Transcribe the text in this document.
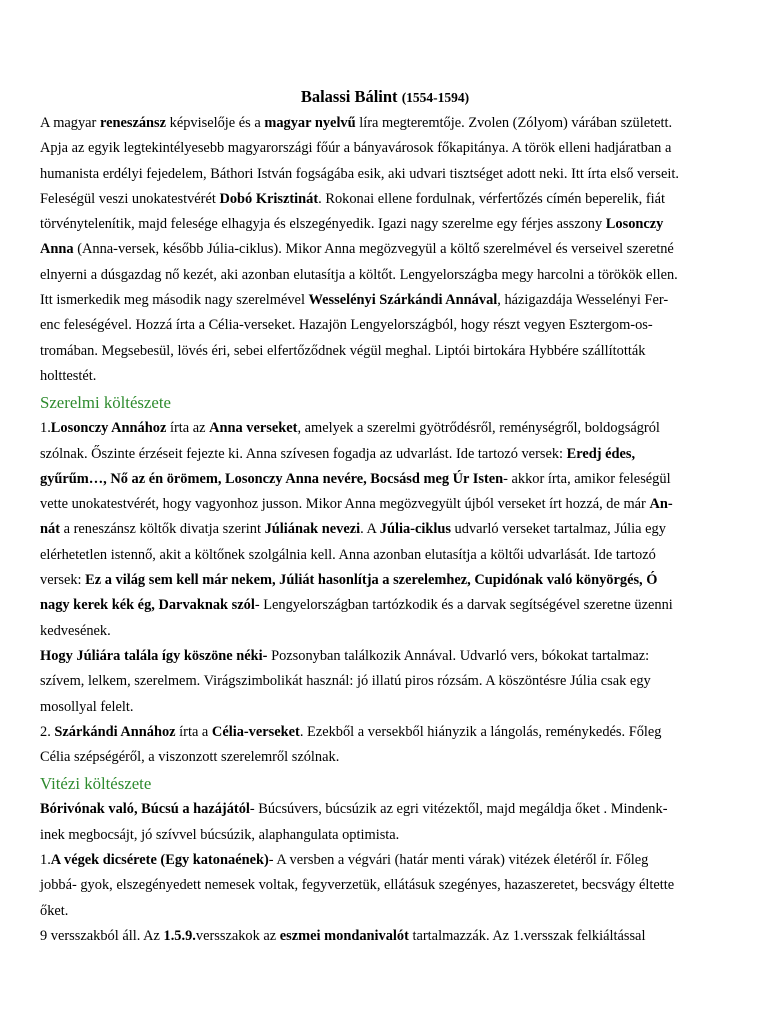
Balassi Bálint (1554-1594)
A magyar reneszánsz képviselője és a magyar nyelvű líra megteremtője. Zvolen (Zólyom) várában született.
Apja az egyik legtekintélyesebb magyarországi főúr a bányavárosok főkapitánya. A török elleni hadjáratban a
humanista erdélyi fejedelem, Báthori István fogságába esik, aki udvari tisztséget adott neki. Itt írta első verseit.
Feleségül veszi unokatestvérét Dobó Krisztinát. Rokonai ellene fordulnak, vérfertőzés címén beperelik, fiát
törvénytelenítik, majd felesége elhagyja és elszegényedik. Igazi nagy szerelme egy férjes asszony Losonczy
Anna (Anna-versek, később Júlia-ciklus). Mikor Anna megözvegyül a költő szerelmével és verseivel szeretné
elnyerni a dúsgazdag nő kezét, aki azonban elutasítja a költőt. Lengyelországba megy harcolni a törökök ellen.
Itt ismerkedik meg második nagy szerelmével Wesselényi Szárkándi Annával, házigazdája Wesselényi Fer-
enc feleségével. Hozzá írta a Célia-verseket. Hazajön Lengyelországból, hogy részt vegyen Esztergom-os-
tromában. Megsebesül, lövés éri, sebei elfertőződnek végül meghal. Liptói birtokára Hybbére szállították
holttestét.
Szerelmi költészete
1.Losonczy Annához írta az Anna verseket, amelyek a szerelmi gyötrődésről, reménységről, boldogságról
szólnak. Őszinte érzéseit fejezte ki. Anna szívesen fogadja az udvarlást. Ide tartozó versek: Eredj édes,
gyűrűm…, Nő az én örömem, Losonczy Anna nevére, Bocsásd meg Úr Isten- akkor írta, amikor feleségül
vette unokatestvérét, hogy vagyonhoz jusson. Mikor Anna megözvegyült újból verseket írt hozzá, de már An-
nát a reneszánsz költők divatja szerint Júliának nevezi. A Júlia-ciklus udvarló verseket tartalmaz, Júlia egy
elérhetetlen istennő, akit a költőnek szolgálnia kell. Anna azonban elutasítja a költői udvarlását. Ide tartozó
versek: Ez a világ sem kell már nekem, Júliát hasonlítja a szerelemhez, Cupidónak való könyörgés, Ó
nagy kerek kék ég, Darvaknak szól- Lengyelországban tartózkodik és a darvak segítségével szeretne üzenni
kedvesének.
Hogy Júliára talála így köszöne néki- Pozsonyban találkozik Annával. Udvarló vers, bókokat tartalmaz:
szívem, lelkem, szerelmem. Virágszimbolikát használ: jó illatú piros rózsám. A köszöntésre Júlia csak egy
mosollyal felelt.
2. Szárkándi Annához írta a Célia-verseket. Ezekből a versekből hiányzik a lángolás, reménykedés. Főleg
Célia szépségéről, a viszonzott szerelemről szólnak.
Vitézi költészete
Bórivónak való, Búcsú a hazájától- Búcsúvers, búcsúzik az egri vitézektől, majd megáldja őket . Mindenk-
inek megbocsájt, jó szívvel búcsúzik, alaphangulata optimista.
1.A végek dicsérete (Egy katonaének)- A versben a végvári (határ menti várak) vitézek életéről ír. Főleg
jobbá- gyok, elszegényedett nemesek voltak, fegyverzetük, ellátásuk szegényes, hazaszeretet, becsvágy éltette
őket.
9 versszakból áll. Az 1.5.9.versszakok az eszmei mondanivalót tartalmazzák. Az 1.versszak felkiáltással
